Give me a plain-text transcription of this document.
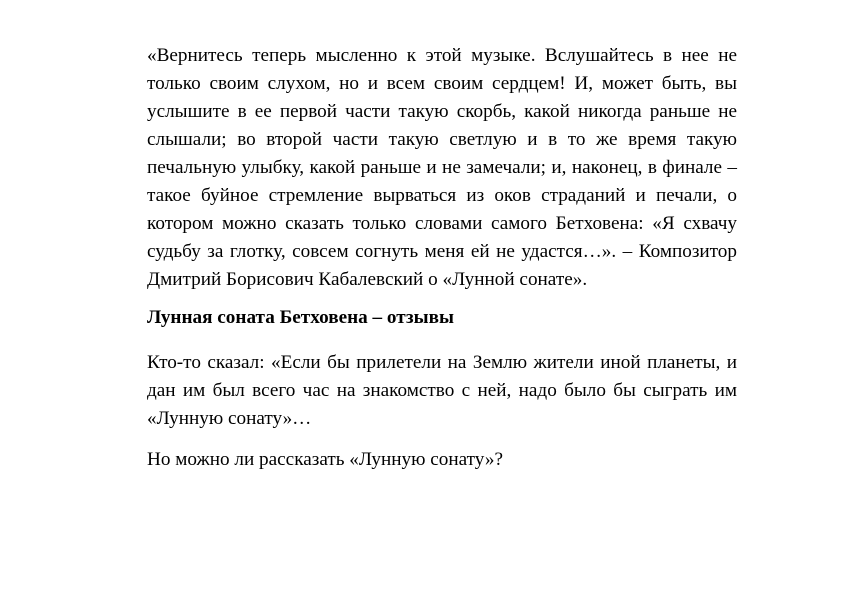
«Вернитесь теперь мысленно к этой музыке. Вслушайтесь в нее не только своим слухом, но и всем своим сердцем! И, может быть, вы услышите в ее первой части такую скорбь, какой никогда раньше не слышали; во второй части такую светлую и в то же время такую печальную улыбку, какой раньше и не замечали; и, наконец, в финале – такое буйное стремление вырваться из оков страданий и печали, о котором можно сказать только словами самого Бетховена: «Я схвачу судьбу за глотку, совсем согнуть меня ей не удастся…». – Композитор Дмитрий Борисович Кабалевский о «Лунной сонате».

Лунная соната Бетховена – отзывы

Кто-то сказал: «Если бы прилетели на Землю жители иной планеты, и дан им был всего час на знакомство с ней, надо было бы сыграть им «Лунную сонату»…

Но можно ли рассказать «Лунную сонату»?
